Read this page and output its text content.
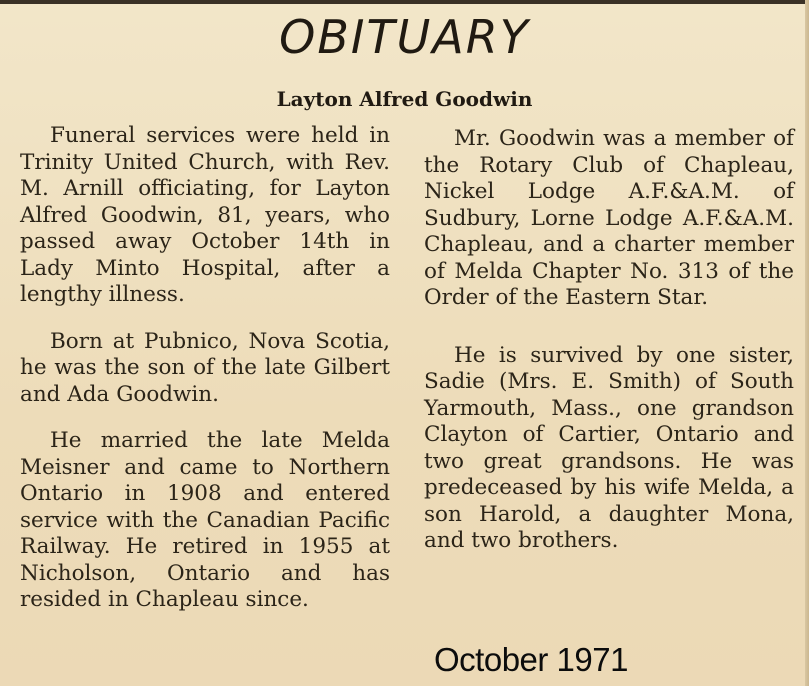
OBITUARY
Layton Alfred Goodwin

Funeral services were held in Trinity United Church, with Rev. M. Arnill officiating, for Layton Alfred Goodwin, 81, years, who passed away October 14th in Lady Minto Hospital, after a lengthy illness.

Born at Pubnico, Nova Scotia, he was the son of the late Gilbert and Ada Goodwin.

He married the late Melda Meisner and came to Northern Ontario in 1908 and entered service with the Canadian Pacific Railway. He retired in 1955 at Nicholson, Ontario and has resided in Chapleau since.

Mr. Goodwin was a member of the Rotary Club of Chapleau, Nickel Lodge A.F.&A.M. of Sudbury, Lorne Lodge A.F.&A.M. Chapleau, and a charter member of Melda Chapter No. 313 of the Order of the Eastern Star.

He is survived by one sister, Sadie (Mrs. E. Smith) of South Yarmouth, Mass., one grandson Clayton of Cartier, Ontario and two great grandsons. He was predeceased by his wife Melda, a son Harold, a daughter Mona, and two brothers.

October 1971
